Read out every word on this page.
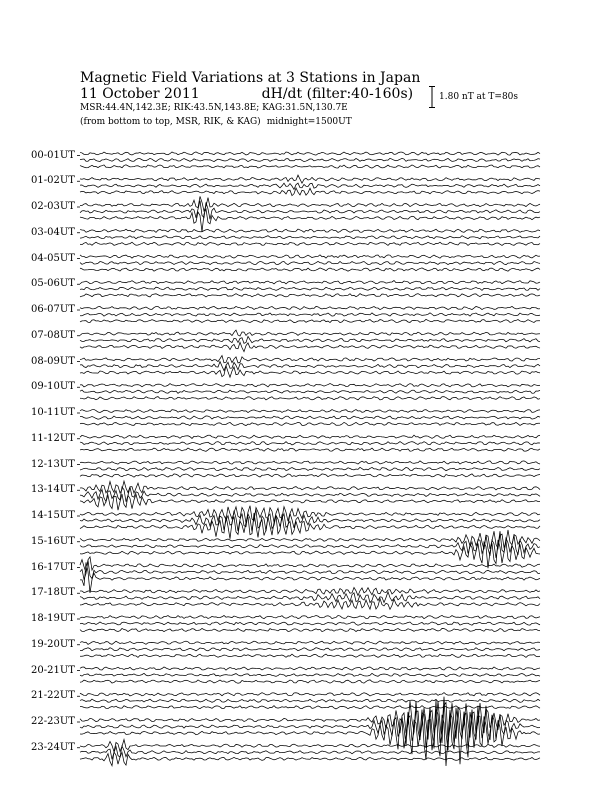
Magnetic Field Variations at 3 Stations in Japan
11 October 2011	dH/dt (filter:40-160s)
MSR:44.4N,142.3E; RIK:43.5N,143.8E; KAG:31.5N,130.7E
(from bottom to top, MSR, RIK, & KAG) midnight=1500UT
1.80 nT at T=80s
00-01UT
01-02UT
02-03UT
03-04UT
04-05UT
05-06UT
06-07UT
07-08UT
08-09UT
09-10UT
10-11UT
11-12UT
12-13UT
13-14UT
14-15UT
15-16UT
16-17UT
17-18UT
18-19UT
19-20UT
20-21UT
21-22UT
22-23UT
23-24UT
